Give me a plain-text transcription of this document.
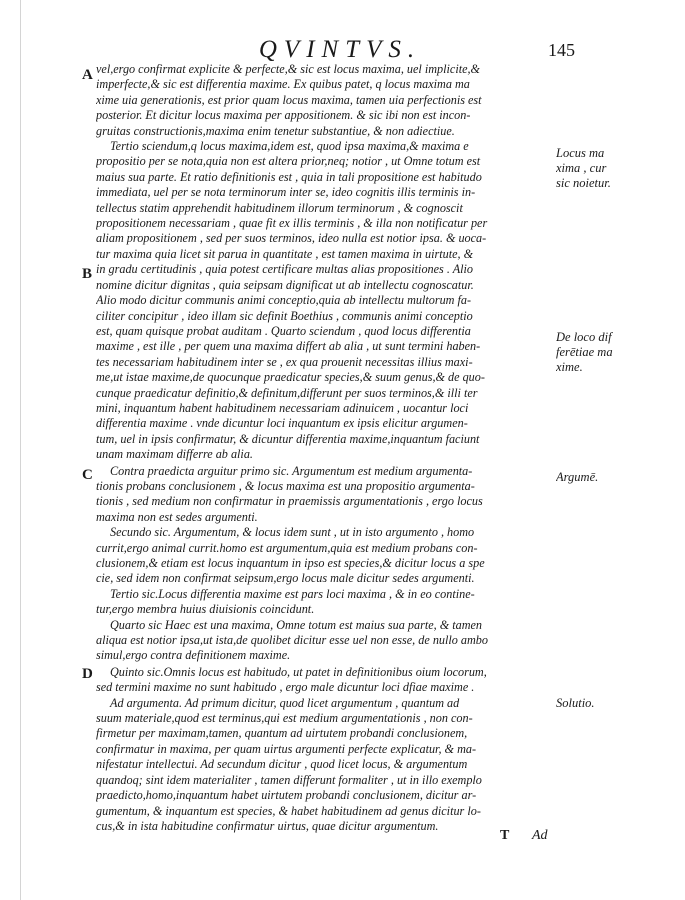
QVINTVS.	145
A
B
C
D
Locus ma
xima , cur
sic noietur.
De loco dif
ferētiae ma
xime.
Argumē.
Solutio.
vel,ergo confirmat explicite & perfecte,& sic est locus maxima, uel implicite,&
imperfecte,& sic est differentia maxime. Ex quibus patet, q locus maxima ma
xime uia generationis, est prior quam locus maxima, tamen uia perfectionis est
posterior. Et dicitur locus maxima per appositionem. & sic ibi non est incon-
gruitas constructionis,maxima enim tenetur substantiue, & non adiectiue.
Tertio sciendum,q locus maxima,idem est, quod ipsa maxima,& maxima e
propositio per se nota,quia non est altera prior,neq; notior , ut Omne totum est
maius sua parte. Et ratio definitionis est , quia in tali propositione est habitudo
immediata, uel per se nota terminorum inter se, ideo cognitis illis terminis in-
tellectus statim apprehendit habitudinem illorum terminorum , & cognoscit
propositionem necessariam , quae fit ex illis terminis , & illa non notificatur per
aliam propositionem , sed per suos terminos, ideo nulla est notior ipsa. & uoca-
tur maxima quia licet sit parua in quantitate , est tamen maxima in uirtute, &
in gradu certitudinis , quia potest certificare multas alias propositiones . Alio
nomine dicitur dignitas , quia seipsam dignificat ut ab intellectu cognoscatur.
Alio modo dicitur communis animi conceptio,quia ab intellectu multorum fa-
ciliter concipitur , ideo illam sic definit Boethius , communis animi conceptio
est, quam quisque probat auditam . Quarto sciendum , quod locus differentia
maxime , est ille , per quem una maxima differt ab alia , ut sunt termini haben-
tes necessariam habitudinem inter se , ex qua prouenit necessitas illius maxi-
me,ut istae maxime,de quocunque praedicatur species,& suum genus,& de quo-
cunque praedicatur definitio,& definitum,differunt per suos terminos,& illi ter
mini, inquantum habent habitudinem necessariam adinuicem , uocantur loci
differentia maxime . vnde dicuntur loci inquantum ex ipsis elicitur argumen-
tum, uel in ipsis confirmatur, & dicuntur differentia maxime,inquantum faciunt
unam maximam differre ab alia.
Contra praedicta arguitur primo sic. Argumentum est medium argumenta-
tionis probans conclusionem , & locus maxima est una propositio argumenta-
tionis , sed medium non confirmatur in praemissis argumentationis , ergo locus
maxima non est sedes argumenti.
Secundo sic. Argumentum, & locus idem sunt , ut in isto argumento , homo
currit,ergo animal currit.homo est argumentum,quia est medium probans con-
clusionem,& etiam est locus inquantum in ipso est species,& dicitur locus a spe
cie, sed idem non confirmat seipsum,ergo locus male dicitur sedes argumenti.
Tertio sic.Locus differentia maxime est pars loci maxima , & in eo contine-
tur,ergo membra huius diuisionis coincidunt.
Quarto sic Haec est una maxima, Omne totum est maius sua parte, & tamen
aliqua est notior ipsa,ut ista,de quolibet dicitur esse uel non esse, de nullo ambo
simul,ergo contra definitionem maxime.
Quinto sic.Omnis locus est habitudo, ut patet in definitionibus oium locorum,
sed termini maxime no sunt habitudo , ergo male dicuntur loci dfiae maxime .
Ad argumenta. Ad primum dicitur, quod licet argumentum , quantum ad
suum materiale,quod est terminus,qui est medium argumentationis , non con-
firmetur per maximam,tamen, quantum ad uirtutem probandi conclusionem,
confirmatur in maxima, per quam uirtus argumenti perfecte explicatur, & ma-
nifestatur intellectui. Ad secundum dicitur , quod licet locus, & argumentum
quandoq; sint idem materialiter , tamen differunt formaliter , ut in illo exemplo
praedicto,homo,inquantum habet uirtutem probandi conclusionem, dicitur ar-
gumentum, & inquantum est species, & habet habitudinem ad genus dicitur lo-
cus,& in ista habitudine confirmatur uirtus, quae dicitur argumentum.
T Ad
